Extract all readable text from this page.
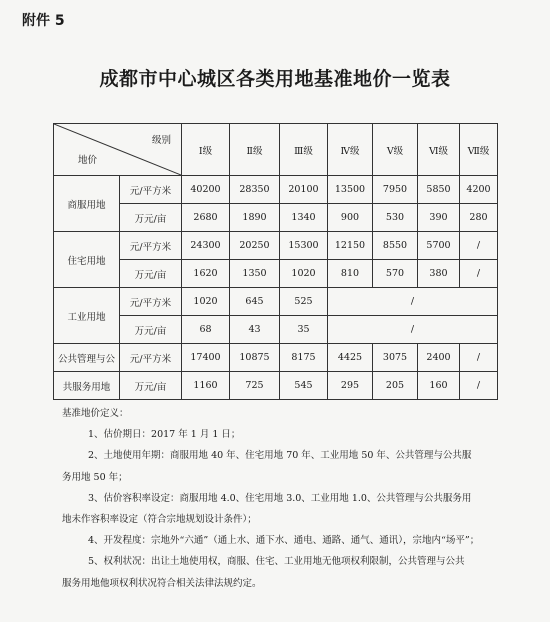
附件 5
成都市中心城区各类用地基准地价一览表
级别
地价		Ⅰ级	Ⅱ级	Ⅲ级	Ⅳ级	Ⅴ级	Ⅵ级	Ⅶ级
商服用地	元/平方米	40200	28350	20100	13500	7950	5850	4200
	万元/亩	2680	1890	1340	900	530	390	280
住宅用地	元/平方米	24300	20250	15300	12150	8550	5700	/
	万元/亩	1620	1350	1020	810	570	380	/
工业用地	元/平方米	1020	645	525	/			
	万元/亩	68	43	35	/			
公共管理与公	元/平方米	17400	10875	8175	4425	3075	2400	/
共服务用地	万元/亩	1160	725	545	295	205	160	/

基准地价定义：

1、估价期日：2017 年 1 月 1 日；

2、土地使用年期：商服用地 40 年、住宅用地 70 年、工业用地 50 年、公共管理与公共服

务用地 50 年；

3、估价容积率设定：商服用地 4.0、住宅用地 3.0、工业用地 1.0、公共管理与公共服务用

地未作容积率设定（符合宗地规划设计条件）；

4、开发程度：宗地外“六通”（通上水、通下水、通电、通路、通气、通讯），宗地内“场平”；

5、权利状况：出让土地使用权，商服、住宅、工业用地无他项权利限制，公共管理与公共

服务用地他项权利状况符合相关法律法规约定。
